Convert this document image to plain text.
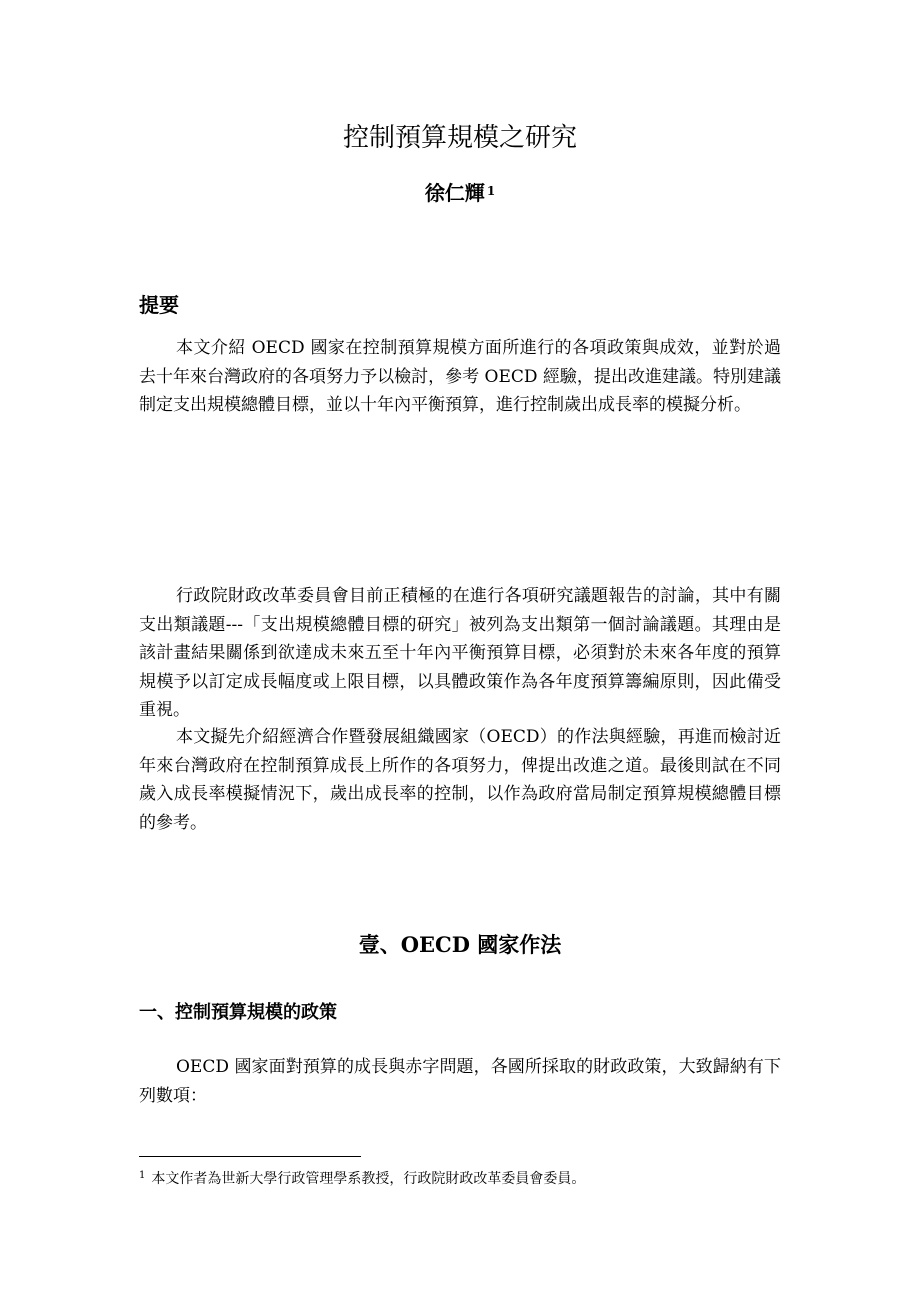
控制預算規模之研究
徐仁輝 $^1$
提要

本文介紹 OECD 國家在控制預算規模方面所進行的各項政策與成效，並對於過去十年來台灣政府的各項努力予以檢討，參考 OECD 經驗，提出改進建議。特別建議制定支出規模總體目標，並以十年內平衡預算，進行控制歲出成長率的模擬分析。

行政院財政改革委員會目前正積極的在進行各項研究議題報告的討論，其中有關支出類議題---「支出規模總體目標的研究」被列為支出類第一個討論議題。其理由是該計畫結果關係到欲達成未來五至十年內平衡預算目標，必須對於未來各年度的預算規模予以訂定成長幅度或上限目標，以具體政策作為各年度預算籌編原則，因此備受重視。

本文擬先介紹經濟合作暨發展組織國家（OECD）的作法與經驗，再進而檢討近年來台灣政府在控制預算成長上所作的各項努力，俾提出改進之道。最後則試在不同歲入成長率模擬情況下，歲出成長率的控制，以作為政府當局制定預算規模總體目標的參考。

壹、OECD 國家作法
一、控制預算規模的政策

OECD 國家面對預算的成長與赤字問題，各國所採取的財政政策，大致歸納有下列數項：

$^1$ 本文作者為世新大學行政管理學系教授，行政院財政改革委員會委員。
